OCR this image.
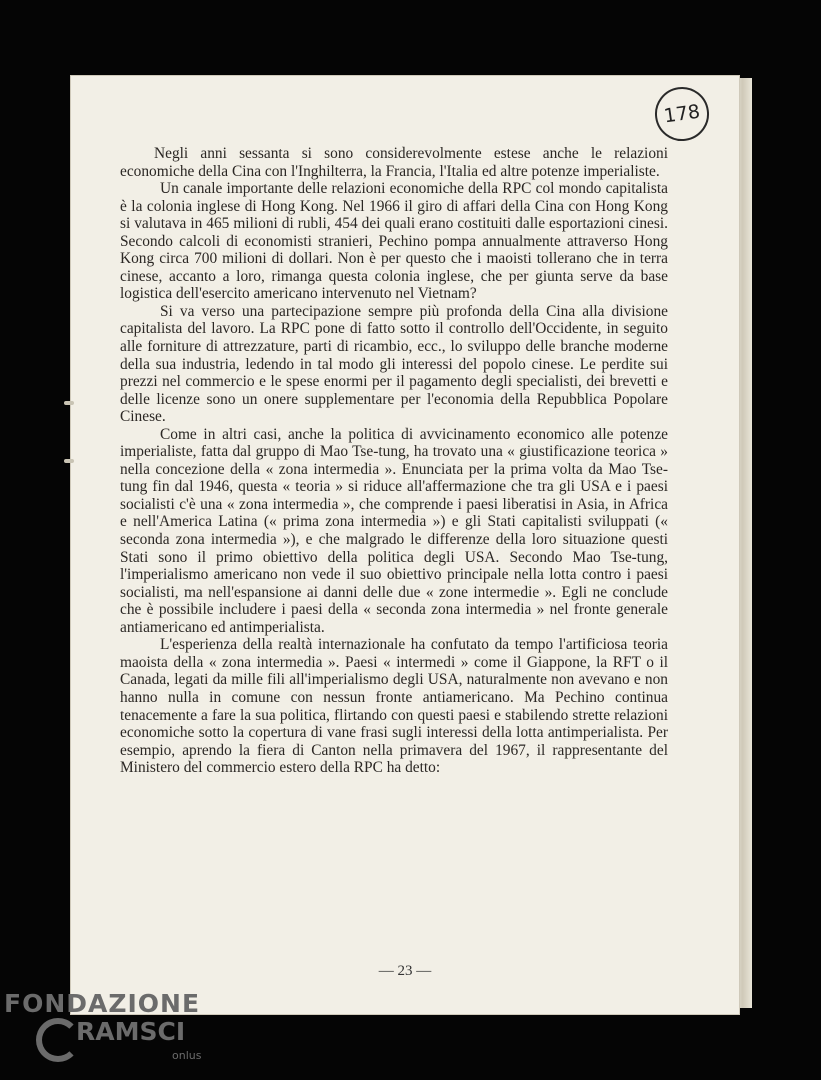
178

Negli anni sessanta si sono considerevolmente estese anche le relazioni economiche della Cina con l'Inghilterra, la Francia, l'Italia ed altre potenze imperialiste.

Un canale importante delle relazioni economiche della RPC col mondo capitalista è la colonia inglese di Hong Kong. Nel 1966 il giro di affari della Cina con Hong Kong si valutava in 465 milioni di rubli, 454 dei quali erano costituiti dalle esportazioni cinesi. Secondo calcoli di economisti stranieri, Pechino pompa annualmente attraverso Hong Kong circa 700 milioni di dollari. Non è per questo che i maoisti tollerano che in terra cinese, accanto a loro, rimanga questa colonia inglese, che per giunta serve da base logistica dell'esercito americano intervenuto nel Vietnam?

Si va verso una partecipazione sempre più profonda della Cina alla divisione capitalista del lavoro. La RPC pone di fatto sotto il controllo dell'Occidente, in seguito alle forniture di attrezzature, parti di ricambio, ecc., lo sviluppo delle branche moderne della sua industria, ledendo in tal modo gli interessi del popolo cinese. Le perdite sui prezzi nel commercio e le spese enormi per il pagamento degli specialisti, dei brevetti e delle licenze sono un onere supplementare per l'economia della Repubblica Popolare Cinese.

Come in altri casi, anche la politica di avvicinamento economico alle potenze imperialiste, fatta dal gruppo di Mao Tse-tung, ha trovato una « giustificazione teorica » nella concezione della « zona intermedia ». Enunciata per la prima volta da Mao Tse-tung fin dal 1946, questa « teoria » si riduce all'affermazione che tra gli USA e i paesi socialisti c'è una « zona intermedia », che comprende i paesi liberatisi in Asia, in Africa e nell'America Latina (« prima zona intermedia ») e gli Stati capitalisti sviluppati (« seconda zona intermedia »), e che malgrado le differenze della loro situazione questi Stati sono il primo obiettivo della politica degli USA. Secondo Mao Tse-tung, l'imperialismo americano non vede il suo obiettivo principale nella lotta contro i paesi socialisti, ma nell'espansione ai danni delle due « zone intermedie ». Egli ne conclude che è possibile includere i paesi della « seconda zona intermedia » nel fronte generale antiamericano ed antimperialista.

L'esperienza della realtà internazionale ha confutato da tempo l'artificiosa teoria maoista della « zona intermedia ». Paesi « intermedi » come il Giappone, la RFT o il Canada, legati da mille fili all'imperialismo degli USA, naturalmente non avevano e non hanno nulla in comune con nessun fronte antiamericano. Ma Pechino continua tenacemente a fare la sua politica, flirtando con questi paesi e stabilendo strette relazioni economiche sotto la copertura di vane frasi sugli interessi della lotta antimperialista. Per esempio, aprendo la fiera di Canton nella primavera del 1967, il rappresentante del Ministero del commercio estero della RPC ha detto:

— 23 —
FONDAZIONE
RAMSCI
onlus
